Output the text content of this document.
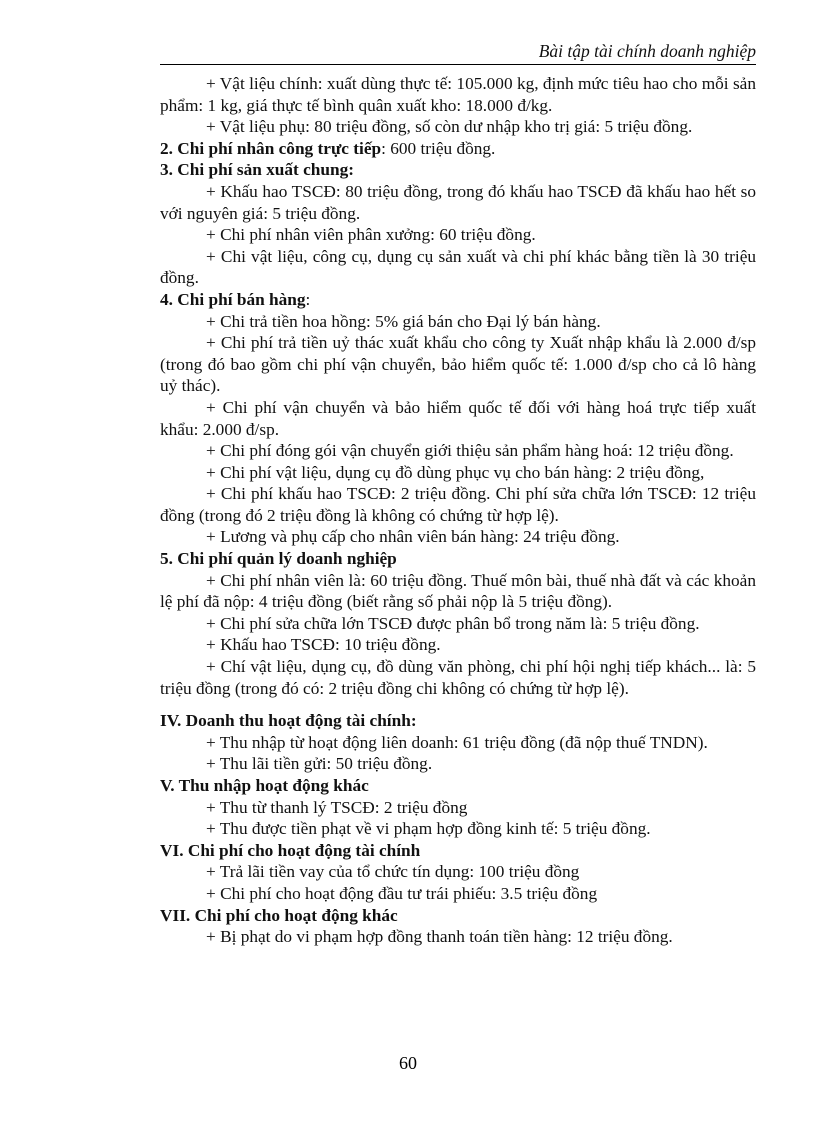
Bài tập tài chính doanh nghiệp

+ Vật liệu chính: xuất dùng thực tế: 105.000 kg, định mức tiêu hao cho mỗi sản phẩm: 1 kg, giá thực tế bình quân xuất kho: 18.000 đ/kg.

+ Vật liệu phụ: 80 triệu đồng, số còn dư nhập kho trị giá: 5 triệu đồng.

2. Chi phí nhân công trực tiếp: 600 triệu đồng.

3. Chi phí sản xuất chung:

+ Khấu hao TSCĐ: 80 triệu đồng, trong đó khấu hao TSCĐ đã khấu hao hết so với nguyên giá: 5 triệu đồng.

+ Chi phí nhân viên phân xưởng: 60 triệu đồng.

+ Chi vật liệu, công cụ, dụng cụ sản xuất và chi phí khác bằng tiền là 30 triệu đồng.

4. Chi phí bán hàng:

+ Chi trả tiền hoa hồng: 5% giá bán cho Đại lý bán hàng.

+ Chi phí trả tiền uỷ thác xuất khẩu cho công ty Xuất nhập khẩu là 2.000 đ/sp (trong đó bao gồm chi phí vận chuyển, bảo hiểm quốc tế: 1.000 đ/sp cho cả lô hàng uỷ thác).

+ Chi phí vận chuyển và bảo hiểm quốc tế đối với hàng hoá trực tiếp xuất khẩu: 2.000 đ/sp.

+ Chi phí đóng gói vận chuyển giới thiệu sản phẩm hàng hoá: 12 triệu đồng.

+ Chi phí vật liệu, dụng cụ đồ dùng phục vụ cho bán hàng: 2 triệu đồng,

+ Chi phí khấu hao TSCĐ: 2 triệu đồng. Chi phí sửa chữa lớn TSCĐ: 12 triệu đồng (trong đó 2 triệu đồng là không có chứng từ hợp lệ).

+ Lương và phụ cấp cho nhân viên bán hàng: 24 triệu đồng.

5. Chi phí quản lý doanh nghiệp

+ Chi phí nhân viên là: 60 triệu đồng. Thuế môn bài, thuế nhà đất và các khoản lệ phí đã nộp: 4 triệu đồng (biết rằng số phải nộp là 5 triệu đồng).

+ Chi phí sửa chữa lớn TSCĐ được phân bổ trong năm là: 5 triệu đồng.

+ Khấu hao TSCĐ: 10 triệu đồng.

+ Chí vật liệu, dụng cụ, đồ dùng văn phòng, chi phí hội nghị tiếp khách... là: 5 triệu đồng (trong đó có: 2 triệu đồng chi không có chứng từ hợp lệ).

IV. Doanh thu hoạt động tài chính:

+ Thu nhập từ hoạt động liên doanh: 61 triệu đồng (đã nộp thuế TNDN).

+ Thu lãi tiền gửi: 50 triệu đồng.

V. Thu nhập hoạt động khác

+ Thu từ thanh lý TSCĐ: 2 triệu đồng

+ Thu được tiền phạt về vi phạm hợp đồng kinh tế: 5 triệu đồng.

VI. Chi phí cho hoạt động tài chính

+ Trả lãi tiền vay của tổ chức tín dụng: 100 triệu đồng

+ Chi phí cho hoạt động đầu tư trái phiếu: 3.5 triệu đồng

VII. Chi phí cho hoạt động khác

+ Bị phạt do vi phạm hợp đồng thanh toán tiền hàng: 12 triệu đồng.

60
